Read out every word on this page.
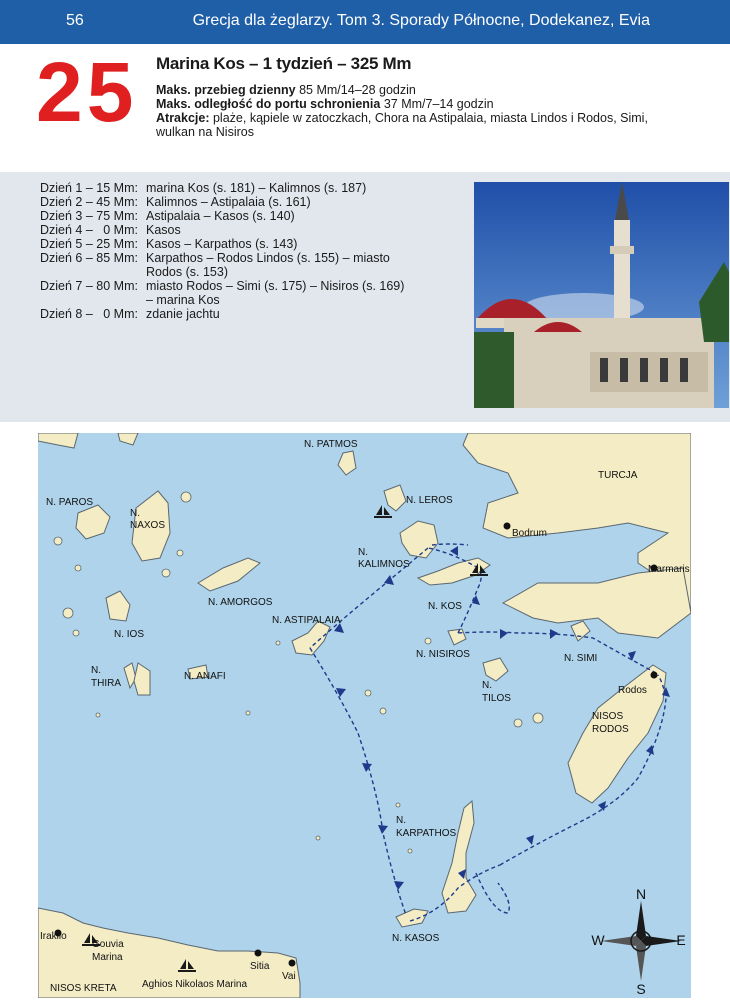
56	Grecja dla żeglarzy. Tom 3. Sporady Północne, Dodekanez, Evia
25 Marina Kos – 1 tydzień – 325 Mm
Maks. przebieg dzienny 85 Mm/14–28 godzin
Maks. odległość do portu schronienia 37 Mm/7–14 godzin
Atrakcje: plaże, kąpiele w zatoczkach, Chora na Astipalaia, miasta Lindos i Rodos, Simi,
wulkan na Nisiros
Dzień 1 – 15 Mm: marina Kos (s. 181) – Kalimnos (s. 187)
Dzień 2 – 45 Mm: Kalimnos – Astipalaia (s. 161)
Dzień 3 – 75 Mm: Astipalaia – Kasos (s. 140)
Dzień 4 –   0 Mm: Kasos
Dzień 5 – 25 Mm: Kasos – Karpathos (s. 143)
Dzień 6 – 85 Mm: Karpathos – Rodos Lindos (s. 155) – miasto
Rodos (s. 153)
Dzień 7 – 80 Mm: miasto Rodos – Simi (s. 175) – Nisiros (s. 169)
– marina Kos
Dzień 8 –   0 Mm: zdanie jachtu
N. PATMOS
TURCJA
N. PAROS
N.
NAXOS
N. LEROS
Bodrum
N.
KALIMNOS	Marmaris
N. AMORGOS	N. KOS
N. ASTIPALAIA
N. IOS
N. NISIROS	N. SIMI
N.
THIRA
N. ANAFI
Rodos
N.
TILOS
NISOS
RODOS
N.
KARPATHOS
N. KASOS
Iraklio
Gouvia
Marina
Sitia
Vai
NISOS KRETA	Aghios Nikolaos Marina
N
S
E
W
